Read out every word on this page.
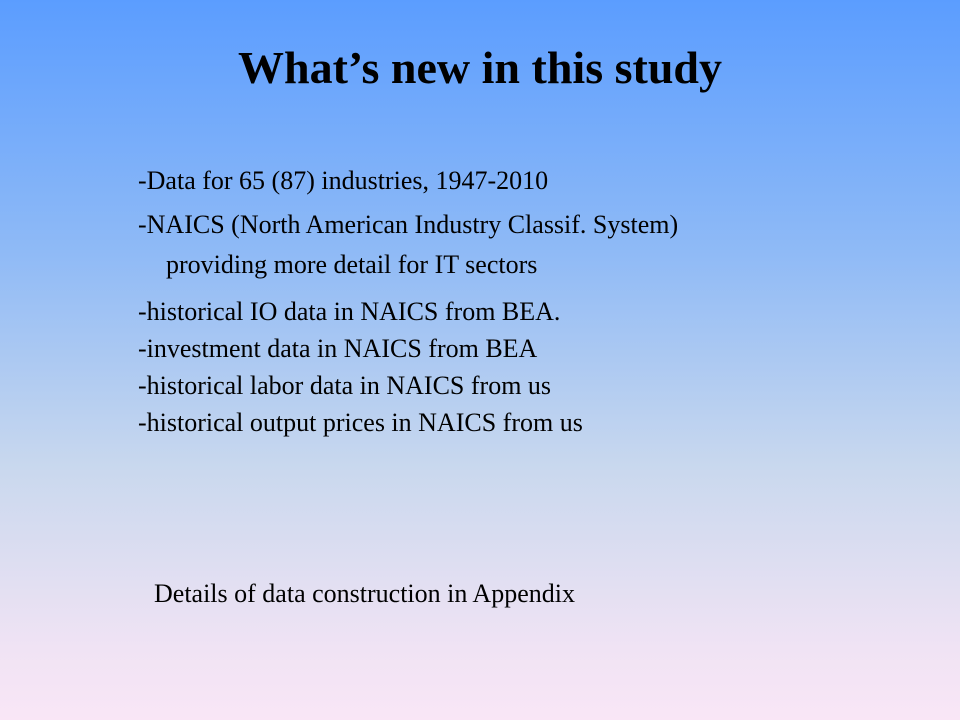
What’s new in this study
-Data for 65 (87) industries, 1947-2010
-NAICS (North American Industry Classif. System)
providing more detail for IT sectors
-historical IO data in NAICS from BEA.
-investment data in NAICS from BEA
-historical labor data in NAICS from us
-historical output prices in NAICS from us
Details of data construction in Appendix
